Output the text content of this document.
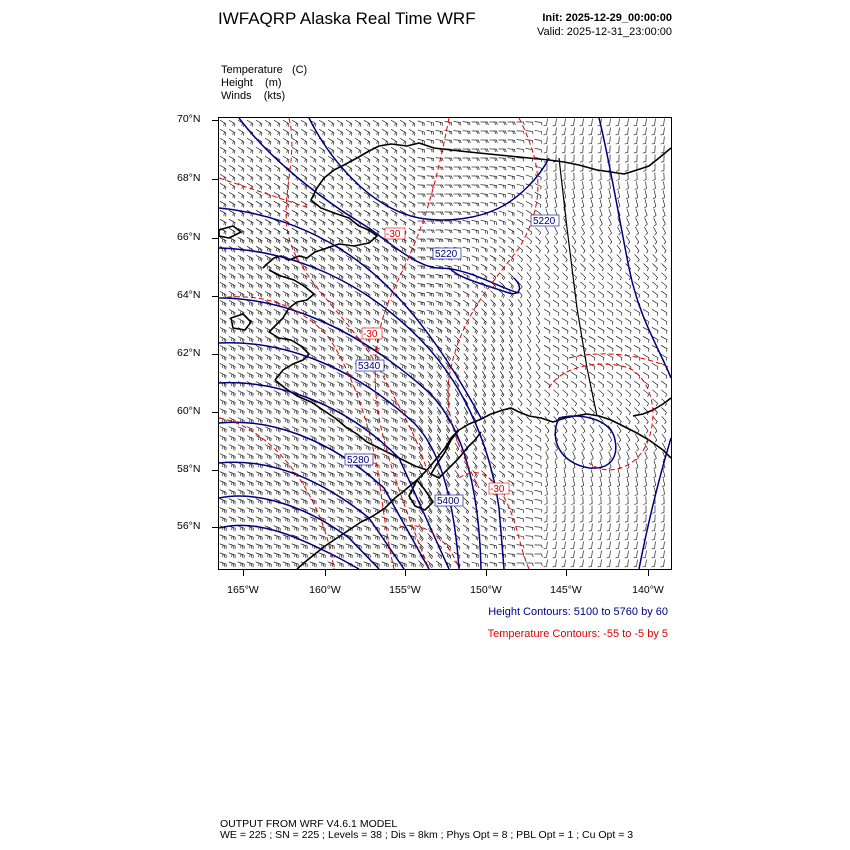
IWFAQRP Alaska Real Time WRF	Init: 2025-12-29_00:00:00
Valid: 2025-12-31_23:00:00
Temperature (C)
Height (m)
Winds (kts)
70°N
68°N
66°N
64°N
62°N
60°N
58°N
56°N
165°W	160°W	155°W	150°W	145°W	140°W
5220
5220
5340
5280
5400
-30
-30
-30
Height Contours: 5100 to 5760 by 60
Temperature Contours: -55 to -5 by 5
OUTPUT FROM WRF V4.6.1 MODEL
WE = 225 ; SN = 225 ; Levels = 38 ; Dis = 8km ; Phys Opt = 8 ; PBL Opt = 1 ; Cu Opt = 3
